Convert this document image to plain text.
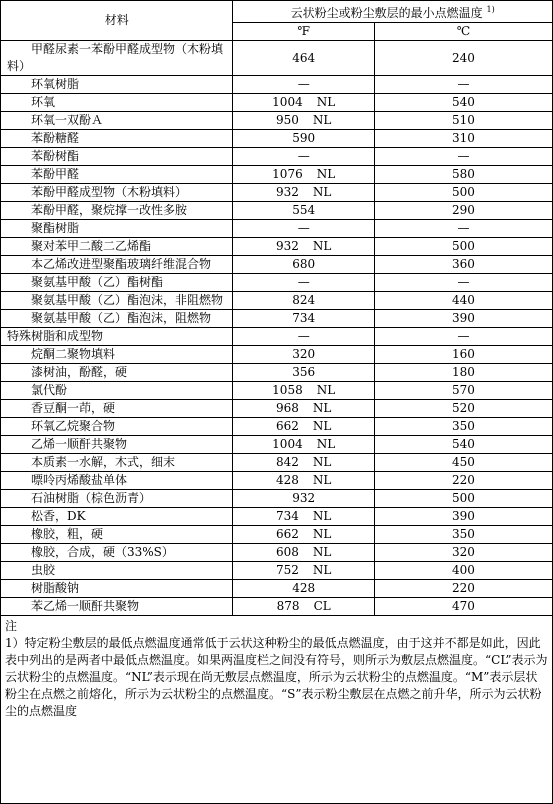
材料	云状粉尘或粉尘敷层的最小点燃温度 $^{1)}$
	℉	℃
甲醛尿素一苯酚甲醛成型物（木粉填料）	464	240
环氧树脂	—	—
环氧	1004 NL	540
环氧一双酚Ａ	950 NL	510
苯酚糖醛	590	310
苯酚树酯	—	—
苯酚甲醛	1076 NL	580
苯酚甲醛成型物（木粉填料）	932 NL	500
苯酚甲醛，聚烷撑一改性多胺	554	290
聚酯树脂	—	—
聚对苯甲二酸二乙烯酯	932 NL	500
本乙烯改进型聚酯玻璃纤维混合物	680	360
聚氨基甲酸（乙）酯树酯	—	—
聚氨基甲酸（乙）酯泡沫，非阻燃物	824	440
聚氨基甲酸（乙）酯泡沫，阻燃物	734	390
特殊树脂和成型物	—	—
烷酮二聚物填料	320	160
漆树油，酚醛，硬	356	180
氯代酚	1058 NL	570
香豆酮一茚，硬	968 NL	520
环氧乙烷聚合物	662 NL	350
乙烯一顺酐共聚物	1004 NL	540
本质素一水解，木式，细末	842 NL	450
嘌呤丙烯酸盐单体	428 NL	220
石油树脂（棕色沥青）	932	500
松香，DK	734 NL	390
橡胶，粗，硬	662 NL	350
橡胶，合成，硬（33%S）	608 NL	320
虫胶	752 NL	400
树脂酸钠	428	220
苯乙烯一顺酐共聚物	878 CL	470
注
1）特定粉尘敷层的最低点燃温度通常低于云状这种粉尘的最低点燃温度，由于这并不都是如此，因此表中列出的是两者中最低点燃温度。如果两温度栏之间没有符号，则所示为敷层点燃温度。“CL”表示为云状粉尘的点燃温度。“NL”表示现在尚无敷层点燃温度，所示为云状粉尘的点燃温度。“M”表示层状粉尘在点燃之前熔化，所示为云状粉尘的点燃温度。“S”表示粉尘敷层在点燃之前升华，所示为云状粉尘的点燃温度
